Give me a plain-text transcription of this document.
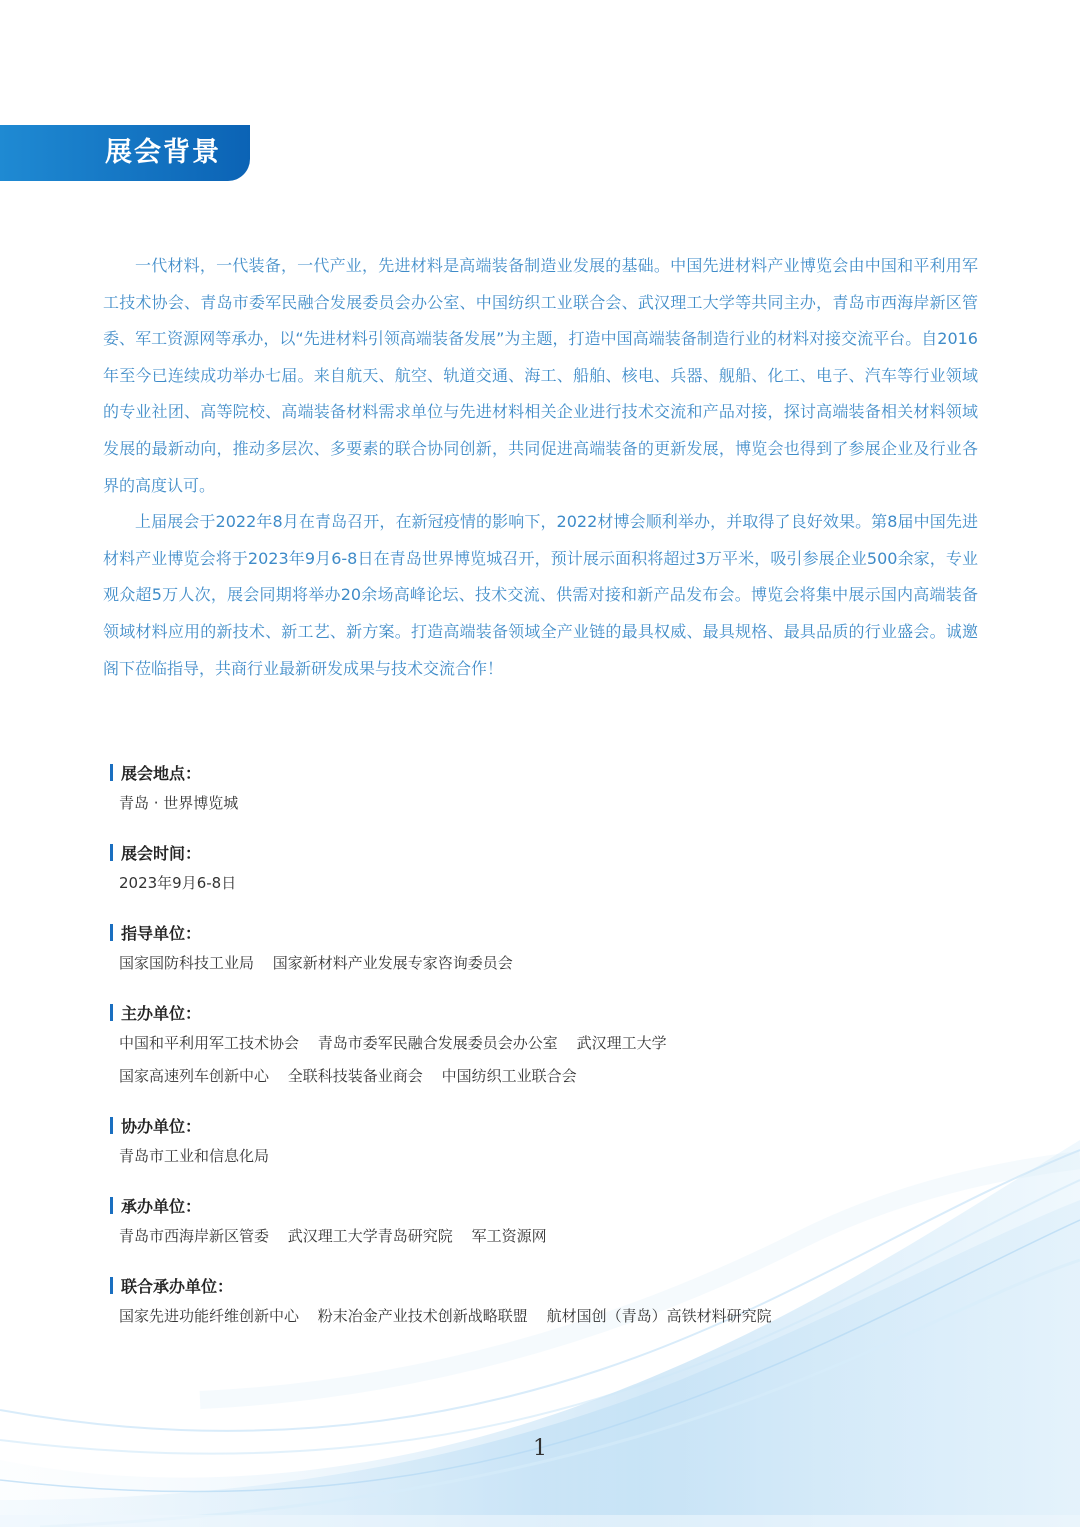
展会背景

一代材料，一代装备，一代产业，先进材料是高端装备制造业发展的基础。中国先进材料产业博览会由中国和平利用军工技术协会、青岛市委军民融合发展委员会办公室、中国纺织工业联合会、武汉理工大学等共同主办，青岛市西海岸新区管委、军工资源网等承办，以“先进材料引领高端装备发展”为主题，打造中国高端装备制造行业的材料对接交流平台。自2016年至今已连续成功举办七届。来自航天、航空、轨道交通、海工、船舶、核电、兵器、舰船、化工、电子、汽车等行业领域的专业社团、高等院校、高端装备材料需求单位与先进材料相关企业进行技术交流和产品对接，探讨高端装备相关材料领域发展的最新动向，推动多层次、多要素的联合协同创新，共同促进高端装备的更新发展，博览会也得到了参展企业及行业各界的高度认可。

上届展会于2022年8月在青岛召开，在新冠疫情的影响下，2022材博会顺利举办，并取得了良好效果。第8届中国先进材料产业博览会将于2023年9月6-8日在青岛世界博览城召开，预计展示面积将超过3万平米，吸引参展企业500余家，专业观众超5万人次，展会同期将举办20余场高峰论坛、技术交流、供需对接和新产品发布会。博览会将集中展示国内高端装备领域材料应用的新技术、新工艺、新方案。打造高端装备领域全产业链的最具权威、最具规格、最具品质的行业盛会。诚邀阁下莅临指导，共商行业最新研发成果与技术交流合作！

展会地点：
青岛 · 世界博览城
展会时间：
2023年9月6-8日
指导单位：
国家国防科技工业局 国家新材料产业发展专家咨询委员会
主办单位：
中国和平利用军工技术协会 青岛市委军民融合发展委员会办公室 武汉理工大学
国家高速列车创新中心 全联科技装备业商会 中国纺织工业联合会
协办单位：
青岛市工业和信息化局
承办单位：
青岛市西海岸新区管委 武汉理工大学青岛研究院 军工资源网
联合承办单位：
国家先进功能纤维创新中心 粉末冶金产业技术创新战略联盟 航材国创（青岛）高铁材料研究院
1
